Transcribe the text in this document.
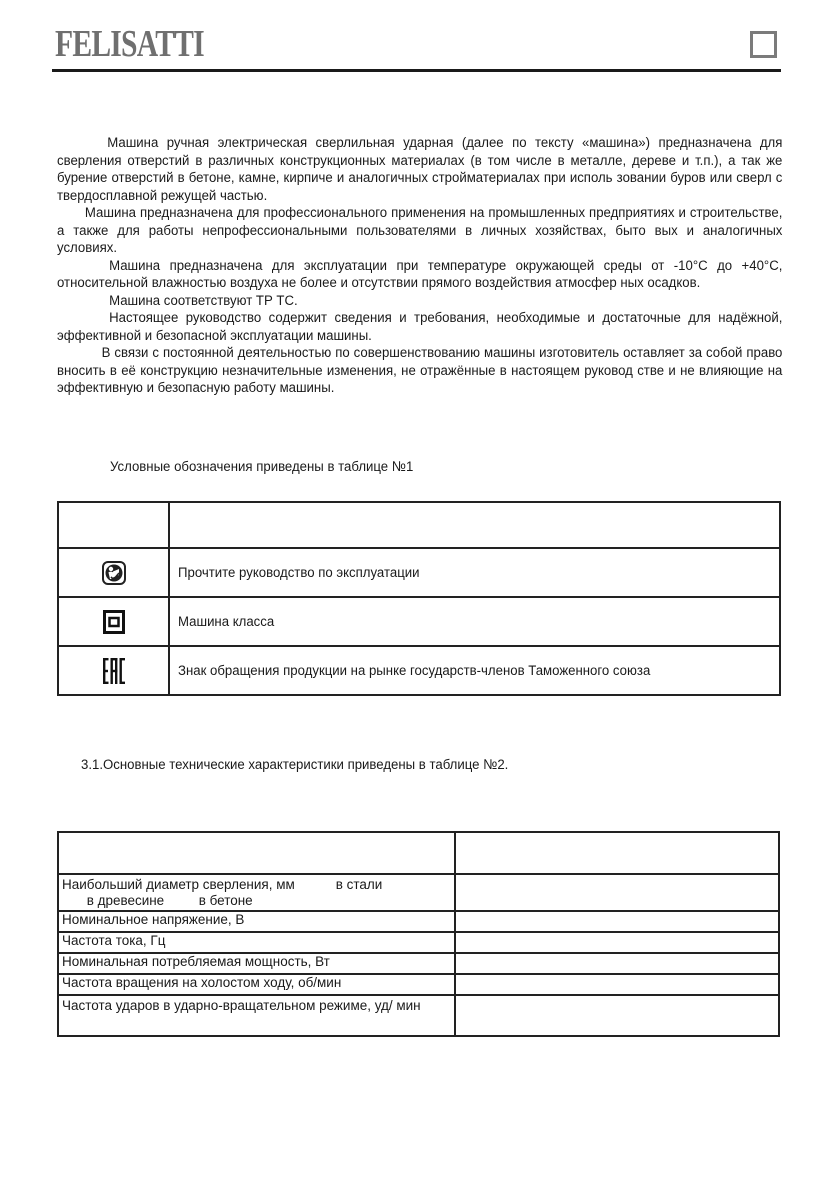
FELISATTI

Машина ручная электрическая сверлильная ударная (далее по тексту «машина») предназначена для сверления отверстий в различных конструкционных материалах (в том числе в металле, дереве и т.п.), а так же бурение отверстий в бетоне, камне, кирпиче и аналогичных стройматериалах при исполь зовании буров или сверл с твердосплавной режущей частью.

Машина предназначена для профессионального применения на промышленных предприятиях и строительстве, а также для работы непрофессиональными пользователями в личных хозяйствах, быто вых и аналогичных условиях.

Машина предназначена для эксплуатации при температуре окружающей среды от -10°С до +40°С, относительной влажностью воздуха не более и отсутствии прямого воздействия атмосфер ных осадков.

Машина соответствуют ТР ТС.

Настоящее руководство содержит сведения и требования, необходимые и достаточные для надёжной, эффективной и безопасной эксплуатации машины.

В связи с постоянной деятельностью по совершенствованию машины изготовитель оставляет за собой право вносить в её конструкцию незначительные изменения, не отражённые в настоящем руковод стве и не влияющие на эффективную и безопасную работу машины.

Условные обозначения приведены в таблице №1

	Прочтите руководство по эксплуатации
	Машина класса
	Знак обращения продукции на рынке государств-членов Таможенного союза
3.1.Основные технические характеристики приведены в таблице №2.

Наибольший диаметр сверления, мм в стали в древесине в бетоне	
Номинальное напряжение, В	
Частота тока, Гц	
Номинальная потребляемая мощность, Вт	
Частота вращения на холостом ходу, об/мин	

Частота ударов в ударно-вращательном режиме, уд/ мин	
